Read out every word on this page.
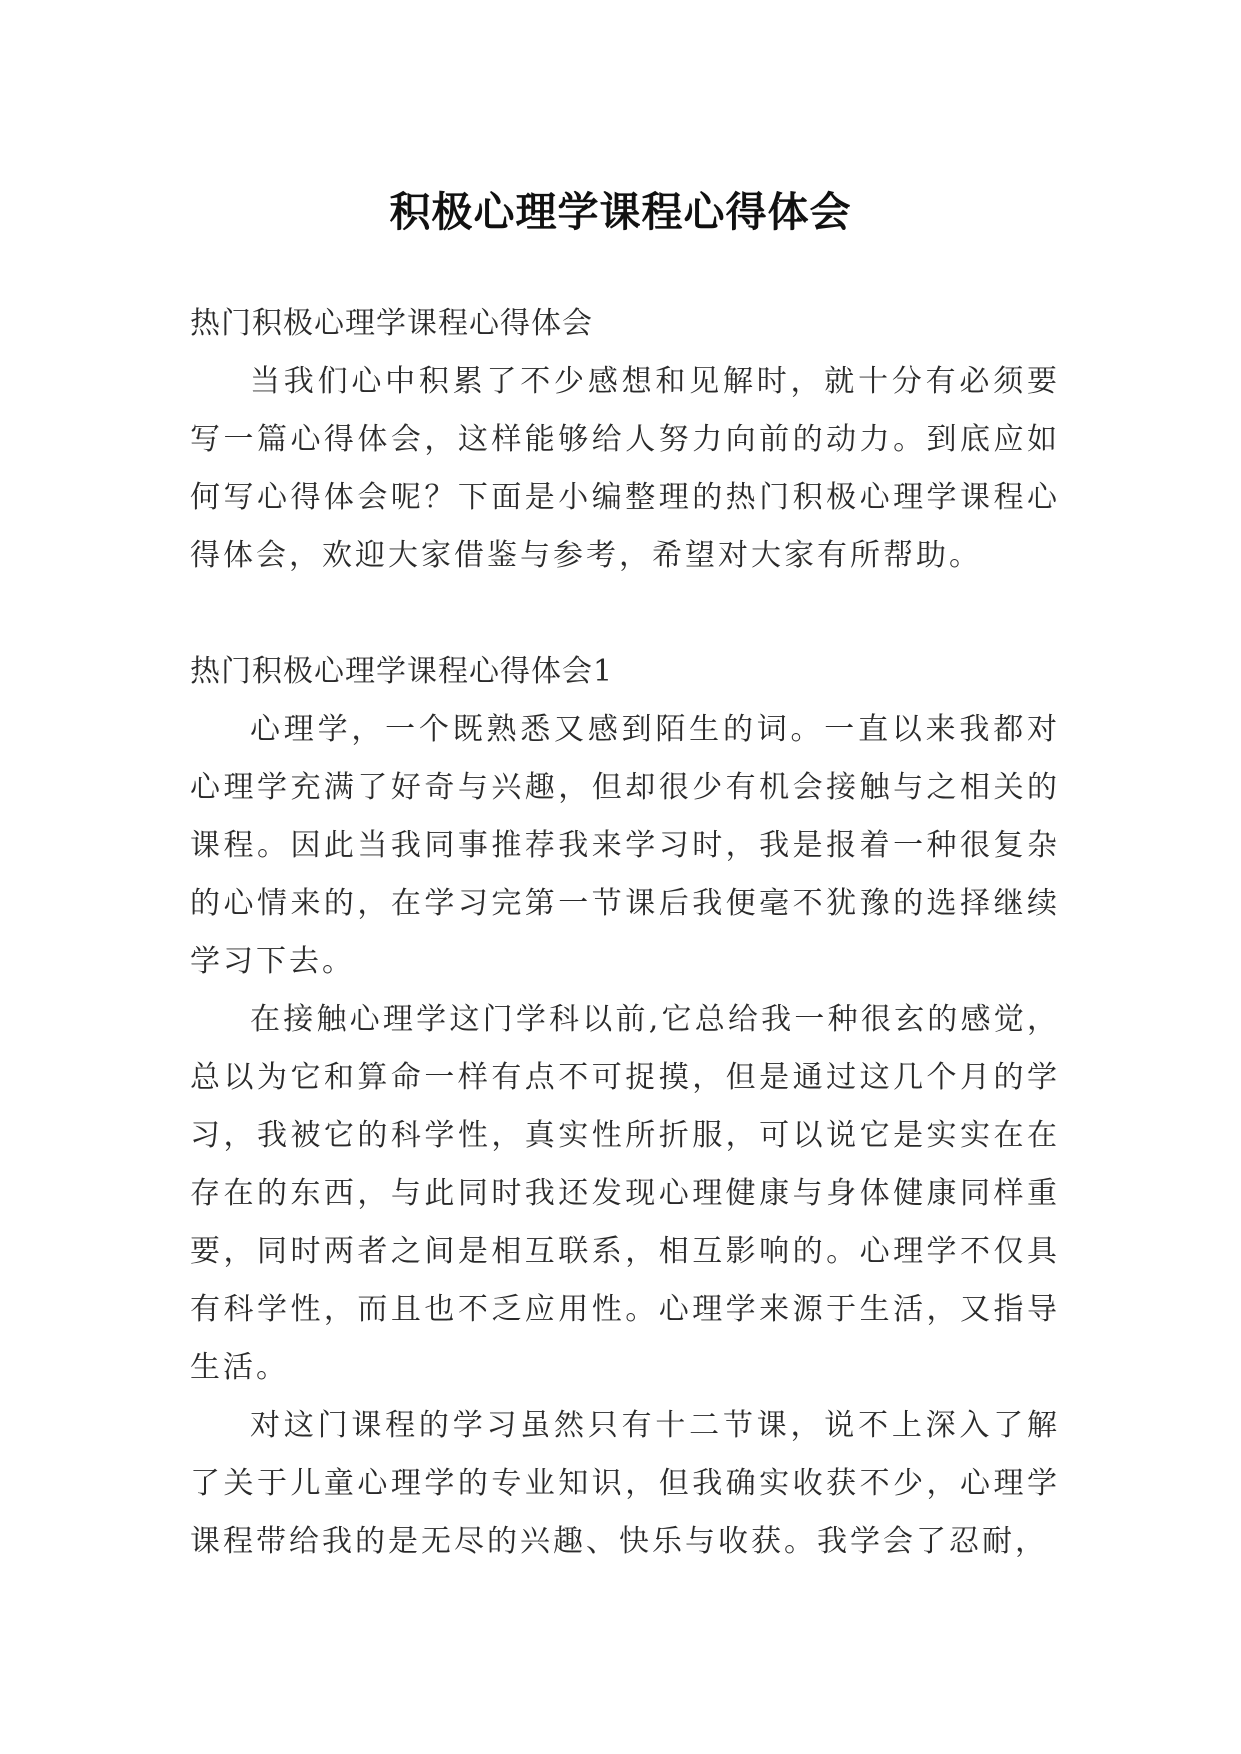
积极心理学课程心得体会

热门积极心理学课程心得体会

当我们心中积累了不少感想和见解时，就十分有必须要写一篇心得体会，这样能够给人努力向前的动力。到底应如何写心得体会呢？下面是小编整理的热门积极心理学课程心得体会，欢迎大家借鉴与参考，希望对大家有所帮助。

热门积极心理学课程心得体会1

心理学，一个既熟悉又感到陌生的词。一直以来我都对心理学充满了好奇与兴趣，但却很少有机会接触与之相关的课程。因此当我同事推荐我来学习时，我是报着一种很复杂的心情来的，在学习完第一节课后我便毫不犹豫的选择继续学习下去。

在接触心理学这门学科以前,它总给我一种很玄的感觉，总以为它和算命一样有点不可捉摸，但是通过这几个月的学习，我被它的科学性，真实性所折服，可以说它是实实在在存在的东西，与此同时我还发现心理健康与身体健康同样重要，同时两者之间是相互联系，相互影响的。心理学不仅具有科学性，而且也不乏应用性。心理学来源于生活，又指导生活。

对这门课程的学习虽然只有十二节课，说不上深入了解了关于儿童心理学的专业知识，但我确实收获不少，心理学课程带给我的是无尽的兴趣、快乐与收获。我学会了忍耐，
